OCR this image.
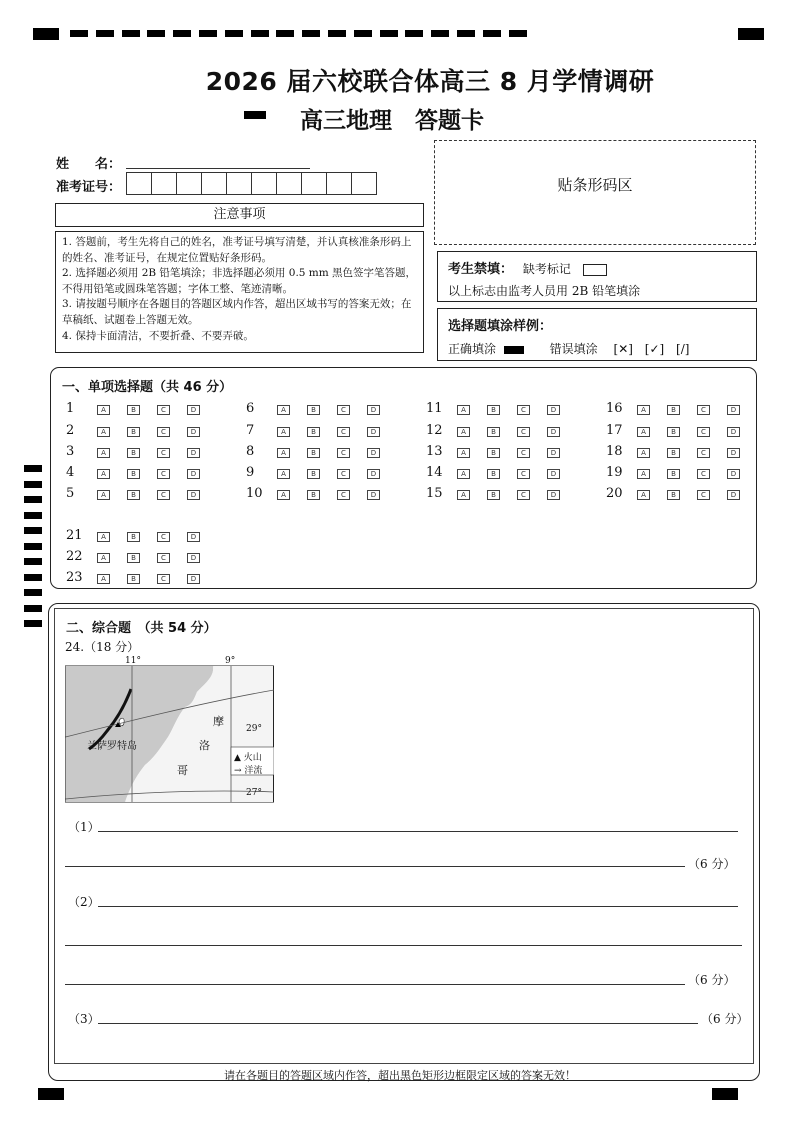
2026 届六校联合体高三 8 月学情调研
高三地理　答题卡
姓　　名：
准考证号：	贴条形码区
注意事项

1. 答题前，考生先将自己的姓名，准考证号填写清楚，并认真核准条形码上的姓名、准考证号，在规定位置贴好条形码。

2. 选择题必须用 2B 铅笔填涂；非选择题必须用 0.5 mm 黑色签字笔答题，不得用铅笔或圆珠笔答题；字体工整、笔迹清晰。

3. 请按题号顺序在各题目的答题区域内作答，超出区域书写的答案无效；在草稿纸、试题卷上答题无效。

4. 保持卡面清洁，不要折叠、不要弄破。

考生禁填： 缺考标记
以上标志由监考人员用 2B 铅笔填涂
选择题填涂样例：
正确填涂	错误填涂 [✕] [✓] [/]
一、单项选择题（共 46 分）
1	A	B	C	D
2	A	B	C	D
3	A	B	C	D
4	A	B	C	D
5	A	B	C	D
6	A	B	C	D
7	A	B	C	D
8	A	B	C	D
9	A	B	C	D
10	A	B	C	D
11	A	B	C	D
12	A	B	C	D
13	A	B	C	D
14	A	B	C	D
15	A	B	C	D
16	A	B	C	D
17	A	B	C	D
18	A	B	C	D
19	A	B	C	D
20	A	B	C	D
21	A	B	C	D
22	A	B	C	D
23	A	B	C	D
二、综合题　（共 54 分）
24.（18 分）
11°	9°
29°
27°
兰萨罗特岛
摩
洛
哥
▲ 火山
→ 洋流
（1）
（6 分）
（2）
（6 分）
（3）	（6 分）
请在各题目的答题区域内作答，超出黑色矩形边框限定区域的答案无效！
